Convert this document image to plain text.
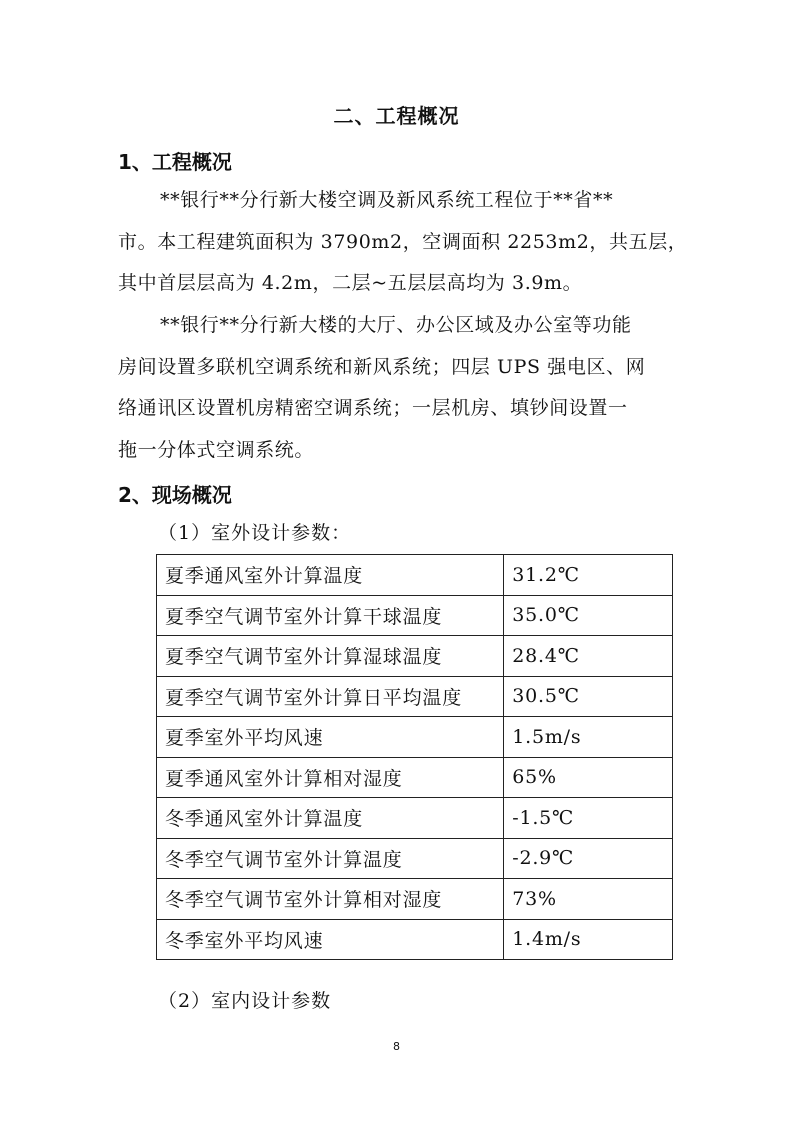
二、工程概况
1、工程概况
**银行**分行新大楼空调及新风系统工程位于**省**
市。本工程建筑面积为 3790m2，空调面积 2253m2，共五层，
其中首层层高为 4.2m，二层~五层层高均为 3.9m。
**银行**分行新大楼的大厅、办公区域及办公室等功能
房间设置多联机空调系统和新风系统；四层 UPS 强电区、网
络通讯区设置机房精密空调系统；一层机房、填钞间设置一
拖一分体式空调系统。
2、现场概况
（1）室外设计参数：
夏季通风室外计算温度	31.2℃
夏季空气调节室外计算干球温度	35.0℃
夏季空气调节室外计算湿球温度	28.4℃
夏季空气调节室外计算日平均温度	30.5℃
夏季室外平均风速	1.5m/s
夏季通风室外计算相对湿度	65%
冬季通风室外计算温度	-1.5℃
冬季空气调节室外计算温度	-2.9℃
冬季空气调节室外计算相对湿度	73%
冬季室外平均风速	1.4m/s
（2）室内设计参数
8
